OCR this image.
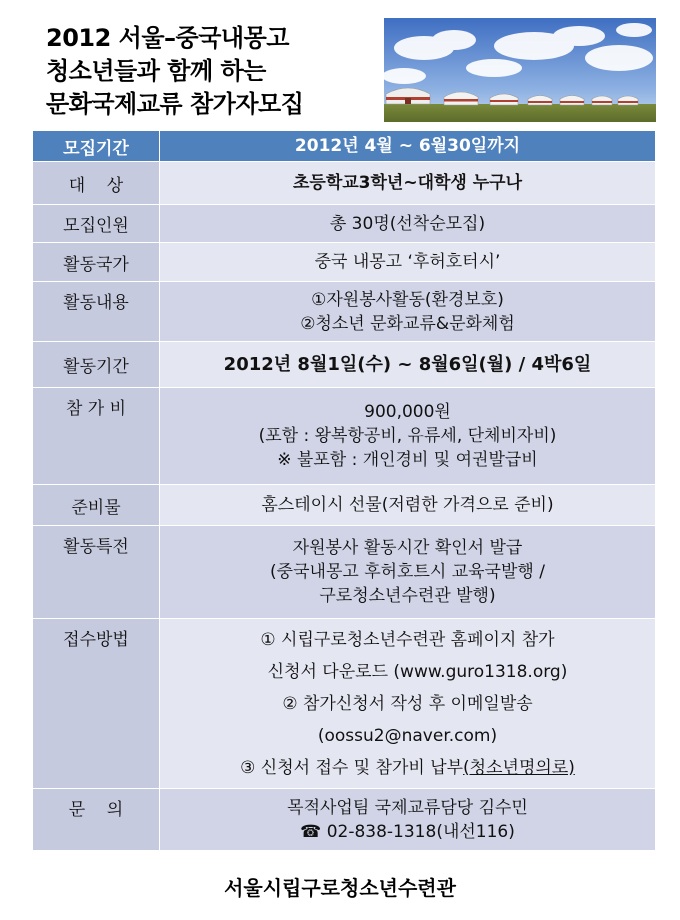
2012 서울–중국내몽고
청소년들과 함께 하는
문화국제교류 참가자모집
모집기간	2012년 4월 ~ 6월30일까지
대    상	초등학교3학년~대학생 누구나
모집인원	총 30명(선착순모집)
활동국가	중국 내몽고 ‘후허호터시’
활동내용	①자원봉사활동(환경보호)
②청소년 문화교류&문화체험

활동기간	2012년 8월1일(수) ~ 8월6일(월) / 4박6일
참 가 비	900,000원
(포함 : 왕복항공비, 유류세, 단체비자비)
※ 불포함 : 개인경비 및 여권발급비

준비물	홈스테이시 선물(저렴한 가격으로 준비)
활동특전	자원봉사 활동시간 확인서 발급
(중국내몽고 후허호트시 교육국발행 /
구로청소년수련관 발행)

접수방법	① 시립구로청소년수련관 홈페이지 참가
신청서 다운로드 (www.guro1318.org)
② 참가신청서 작성 후 이메일발송
(oossu2@naver.com)
③ 신청서 접수 및 참가비 납부(청소년명의로)

문    의	목적사업팀 국제교류담당 김수민
☎ 02-838-1318(내선116)
서울시립구로청소년수련관
